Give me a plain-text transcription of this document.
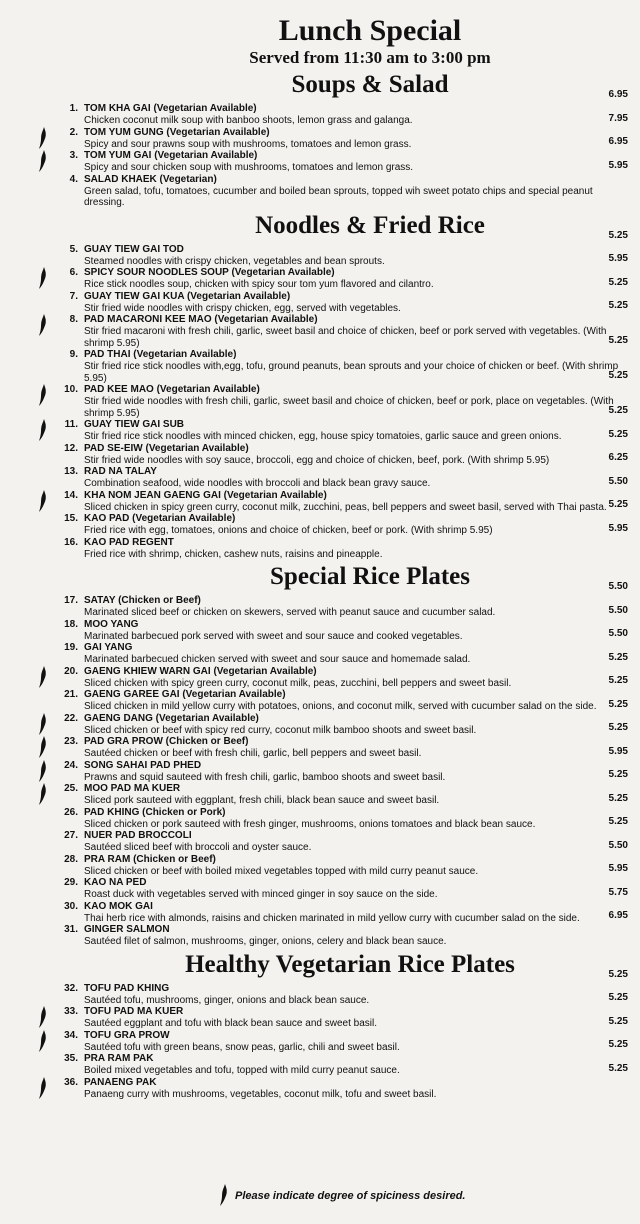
Lunch Special
Served from 11:30 am to 3:00 pm
Soups & Salad
1. TOM KHA GAI (Vegetarian Available)
Chicken coconut milk soup with banboo shoots, lemon grass and galanga.
6.95
2. TOM YUM GUNG (Vegetarian Available)
Spicy and sour prawns soup with mushrooms, tomatoes and lemon grass.
7.95
3. TOM YUM GAI (Vegetarian Available)
Spicy and sour chicken soup with mushrooms, tomatoes and lemon grass.
6.95
4. SALAD KHAEK (Vegetarian)
Green salad, tofu, tomatoes, cucumber and boiled bean sprouts, topped wih sweet potato chips and special peanut dressing.
5.95
Noodles & Fried Rice
5. GUAY TIEW GAI TOD
Steamed noodles with crispy chicken, vegetables and bean sprouts.
5.25
6. SPICY SOUR NOODLES SOUP (Vegetarian Available)
Rice stick noodles soup, chicken with spicy sour tom yum flavored and cilantro.
5.95
7. GUAY TIEW GAI KUA (Vegetarian Available)
Stir fried wide noodles with crispy chicken, egg, served with vegetables.
5.25
8. PAD MACARONI KEE MAO (Vegetarian Available)
Stir fried macaroni with fresh chili, garlic, sweet basil and choice of chicken, beef or pork served with vegetables. (With shrimp 5.95)
5.25
9. PAD THAI (Vegetarian Available)
Stir fried rice stick noodles with,egg, tofu, ground peanuts, bean sprouts and your choice of chicken or beef. (With shrimp 5.95)
5.25
10. PAD KEE MAO (Vegetarian Available)
Stir fried wide noodles with fresh chili, garlic, sweet basil and choice of chicken, beef or pork, place on vegetables. (With shrimp 5.95)
5.25
11. GUAY TIEW GAI SUB
Stir fried rice stick noodles with minced chicken, egg, house spicy tomatoies, garlic sauce and green onions.
5.25
12. PAD SE-EIW (Vegetarian Available)
Stir fried wide noodles with soy sauce, broccoli, egg and choice of chicken, beef, pork. (With shrimp 5.95)
5.25
13. RAD NA TALAY
Combination seafood, wide noodles with broccoli and black bean gravy sauce.
6.25
14. KHA NOM JEAN GAENG GAI (Vegetarian Available)
Sliced chicken in spicy green curry, coconut milk, zucchini, peas, bell peppers and sweet basil, served with Thai pasta.
5.50
15. KAO PAD (Vegetarian Available)
Fried rice with egg, tomatoes, onions and choice of chicken, beef or pork. (With shrimp 5.95)
5.25
16. KAO PAD REGENT
Fried rice with shrimp, chicken, cashew nuts, raisins and pineapple.
5.95
Special Rice Plates
17. SATAY (Chicken or Beef)
Marinated sliced beef or chicken on skewers, served with peanut sauce and cucumber salad.
5.50
18. MOO YANG
Marinated barbecued pork served with sweet and sour sauce and cooked vegetables.
5.50
19. GAI YANG
Marinated barbecued chicken served with sweet and sour sauce and homemade salad.
5.50
20. GAENG KHIEW WARN GAI (Vegetarian Available)
Sliced chicken with spicy green curry, coconut milk, peas, zucchini, bell peppers and sweet basil.
5.25
21. GAENG GAREE GAI (Vegetarian Available)
Sliced chicken in mild yellow curry with potatoes, onions, and coconut milk, served with cucumber salad on the side.
5.25
22. GAENG DANG (Vegetarian Available)
Sliced chicken or beef with spicy red curry, coconut milk bamboo shoots and sweet basil.
5.25
23. PAD GRA PROW (Chicken or Beef)
Sautéed chicken or beef with fresh chili, garlic, bell peppers and sweet basil.
5.25
24. SONG SAHAI PAD PHED
Prawns and squid sauteed with fresh chili, garlic, bamboo shoots and sweet basil.
5.95
25. MOO PAD MA KUER
Sliced pork sauteed with eggplant, fresh chili, black bean sauce and sweet basil.
5.25
26. PAD KHING (Chicken or Pork)
Sliced chicken or pork sauteed with fresh ginger, mushrooms, onions tomatoes and black bean sauce.
5.25
27. NUER PAD BROCCOLI
Sautéed sliced beef with broccoli and oyster sauce.
5.25
28. PRA RAM (Chicken or Beef)
Sliced chicken or beef with boiled mixed vegetables topped with mild curry peanut sauce.
5.50
29. KAO NA PED
Roast duck with vegetables served with minced ginger in soy sauce on the side.
5.95
30. KAO MOK GAI
Thai herb rice with almonds, raisins and chicken marinated in mild yellow curry with cucumber salad on the side.
5.75
31. GINGER SALMON
Sautéed filet of salmon, mushrooms, ginger, onions, celery and black bean sauce.
6.95
Healthy Vegetarian Rice Plates
32. TOFU PAD KHING
Sautéed tofu, mushrooms, ginger, onions and black bean sauce.
5.25
33. TOFU PAD MA KUER
Sautéed eggplant and tofu with black bean sauce and sweet basil.
5.25
34. TOFU GRA PROW
Sautéed tofu with green beans, snow peas, garlic, chili and sweet basil.
5.25
35. PRA RAM PAK
Boiled mixed vegetables and tofu, topped with mild curry peanut sauce.
5.25
36. PANAENG PAK
Panaeng curry with mushrooms, vegetables, coconut milk, tofu and sweet basil.
5.25
Please indicate degree of spiciness desired.
